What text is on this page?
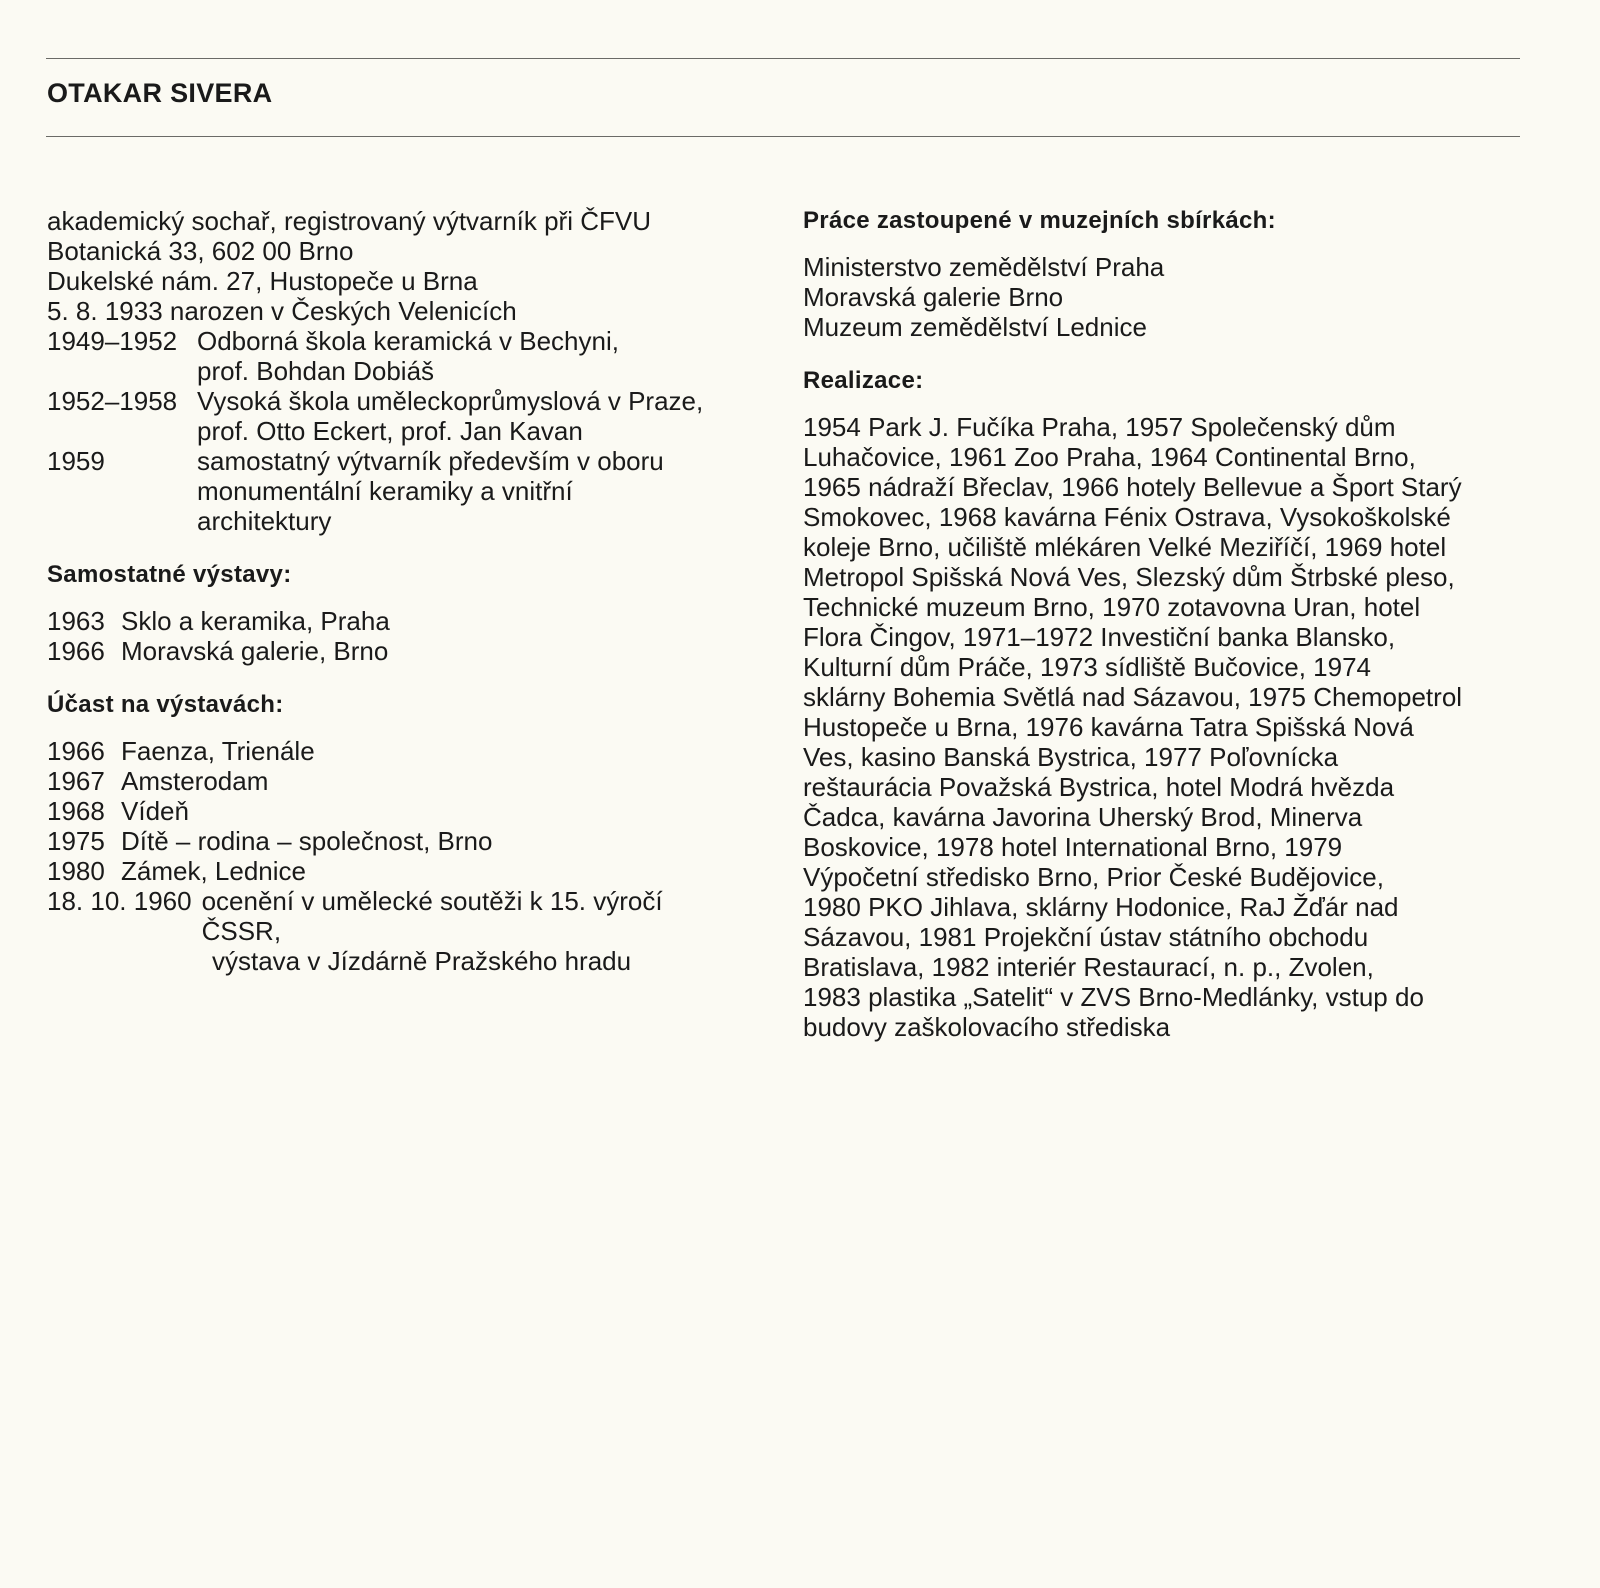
OTAKAR SIVERA
akademický sochař, registrovaný výtvarník při ČFVU
Botanická 33, 602 00 Brno
Dukelské nám. 27, Hustopeče u Brna
5. 8. 1933 narozen v Českých Velenicích
1949–1952 Odborná škola keramická v Bechyni,
prof. Bohdan Dobiáš
1952–1958 Vysoká škola uměleckoprůmyslová v Praze,
prof. Otto Eckert, prof. Jan Kavan
1959	samostatný výtvarník především v oboru
monumentální keramiky a vnitřní
architektury
Samostatné výstavy:
1963 Sklo a keramika, Praha
1966 Moravská galerie, Brno
Účast na výstavách:
1966 Faenza, Trienále
1967 Amsterodam
1968 Vídeň
1975 Dítě – rodina – společnost, Brno
1980 Zámek, Lednice
18. 10. 1960 ocenění v umělecké soutěži k 15. výročí
ČSSR,
výstava v Jízdárně Pražského hradu
Práce zastoupené v muzejních sbírkách:
Ministerstvo zemědělství Praha
Moravská galerie Brno
Muzeum zemědělství Lednice
Realizace:
1954 Park J. Fučíka Praha, 1957 Společenský dům
Luhačovice, 1961 Zoo Praha, 1964 Continental Brno,
1965 nádraží Břeclav, 1966 hotely Bellevue a Šport Starý
Smokovec, 1968 kavárna Fénix Ostrava, Vysokoškolské
koleje Brno, učiliště mlékáren Velké Meziříčí, 1969 hotel
Metropol Spišská Nová Ves, Slezský dům Štrbské pleso,
Technické muzeum Brno, 1970 zotavovna Uran, hotel
Flora Čingov, 1971–1972 Investiční banka Blansko,
Kulturní dům Práče, 1973 sídliště Bučovice, 1974
sklárny Bohemia Světlá nad Sázavou, 1975 Chemopetrol
Hustopeče u Brna, 1976 kavárna Tatra Spišská Nová
Ves, kasino Banská Bystrica, 1977 Poľovnícka
reštaurácia Považská Bystrica, hotel Modrá hvězda
Čadca, kavárna Javorina Uherský Brod, Minerva
Boskovice, 1978 hotel International Brno, 1979
Výpočetní středisko Brno, Prior České Budějovice,
1980 PKO Jihlava, sklárny Hodonice, RaJ Žďár nad
Sázavou, 1981 Projekční ústav státního obchodu
Bratislava, 1982 interiér Restaurací, n. p., Zvolen,
1983 plastika „Satelit“ v ZVS Brno-Medlánky, vstup do
budovy zaškolovacího střediska
